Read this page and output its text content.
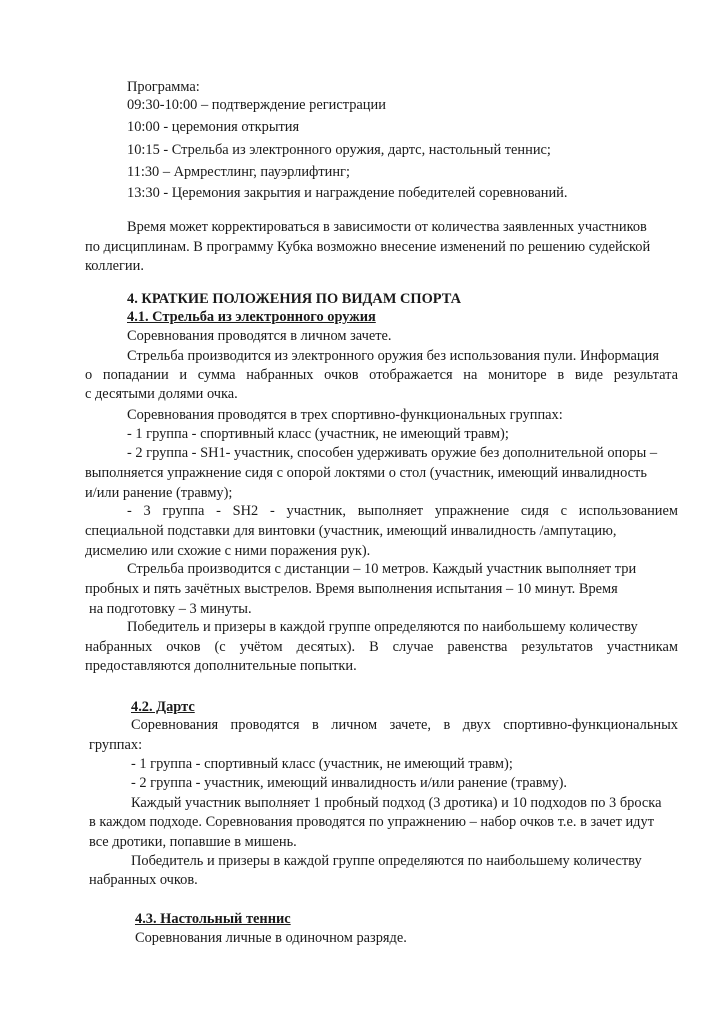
Программа:
09:30-10:00 – подтверждение регистрации
10:00 - церемония открытия
10:15 - Стрельба из электронного оружия, дартс, настольный теннис;
11:30 – Армрестлинг, пауэрлифтинг;
13:30 - Церемония закрытия и награждение победителей соревнований.
Время может корректироваться в зависимости от количества заявленных участников
по дисциплинам. В программу Кубка возможно внесение изменений по решению судейской
коллегии.
4. КРАТКИЕ ПОЛОЖЕНИЯ ПО ВИДАМ СПОРТА
4.1. Стрельба из электронного оружия
Соревнования проводятся в личном зачете.
Стрельба производится из электронного оружия без использования пули. Информация
о попадании и сумма набранных очков отображается на мониторе в виде результата
с десятыми долями очка.
Соревнования проводятся в трех спортивно-функциональных группах:
- 1 группа - спортивный класс (участник, не имеющий травм);
- 2 группа - SH1- участник, способен удерживать оружие без дополнительной опоры –
выполняется упражнение сидя с опорой локтями о стол (участник, имеющий инвалидность
и/или ранение (травму);
- 3 группа - SH2 - участник, выполняет упражнение сидя с использованием
специальной подставки для винтовки (участник, имеющий инвалидность /ампутацию,
дисмелию или схожие с ними поражения рук).
Стрельба производится с дистанции – 10 метров. Каждый участник выполняет три
пробных и пять зачётных выстрелов. Время выполнения испытания – 10 минут. Время
на подготовку – 3 минуты.
Победитель и призеры в каждой группе определяются по наибольшему количеству
набранных очков (с учётом десятых). В случае равенства результатов участникам
предоставляются дополнительные попытки.
4.2. Дартс
Соревнования проводятся в личном зачете, в двух спортивно-функциональных
группах:
- 1 группа - спортивный класс (участник, не имеющий травм);
- 2 группа - участник, имеющий инвалидность и/или ранение (травму).
Каждый участник выполняет 1 пробный подход (3 дротика) и 10 подходов по 3 броска
в каждом подходе. Соревнования проводятся по упражнению – набор очков т.е. в зачет идут
все дротики, попавшие в мишень.
Победитель и призеры в каждой группе определяются по наибольшему количеству
набранных очков.
4.3. Настольный теннис
Соревнования личные в одиночном разряде.
